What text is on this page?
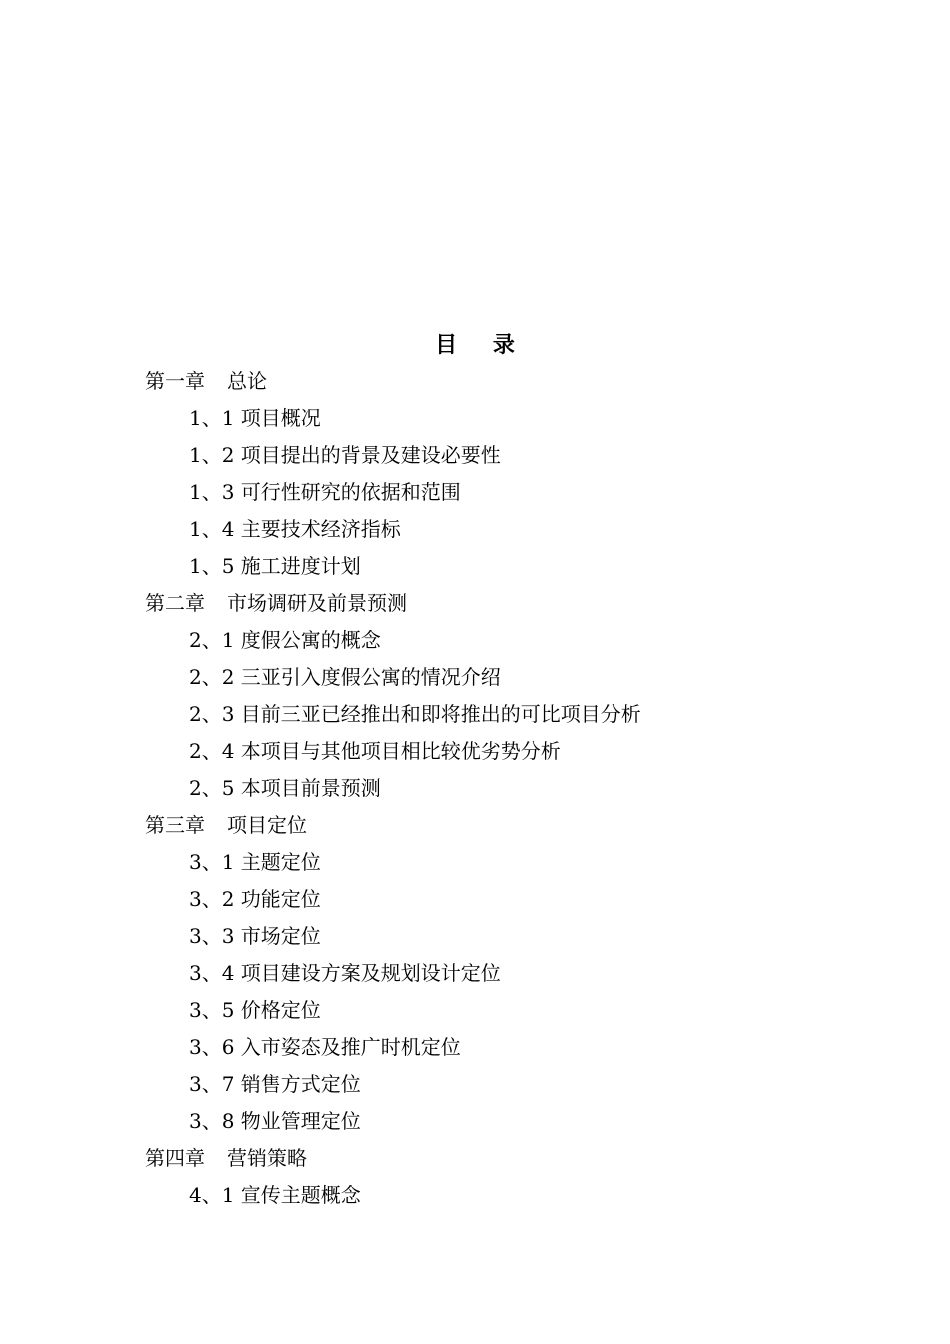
目 录
第一章 总论
1、1 项目概况
1、2 项目提出的背景及建设必要性
1、3 可行性研究的依据和范围
1、4 主要技术经济指标
1、5 施工进度计划
第二章 市场调研及前景预测
2、1 度假公寓的概念
2、2 三亚引入度假公寓的情况介绍
2、3 目前三亚已经推出和即将推出的可比项目分析
2、4 本项目与其他项目相比较优劣势分析
2、5 本项目前景预测
第三章 项目定位
3、1 主题定位
3、2 功能定位
3、3 市场定位
3、4 项目建设方案及规划设计定位
3、5 价格定位
3、6 入市姿态及推广时机定位
3、7 销售方式定位
3、8 物业管理定位
第四章 营销策略
4、1 宣传主题概念
